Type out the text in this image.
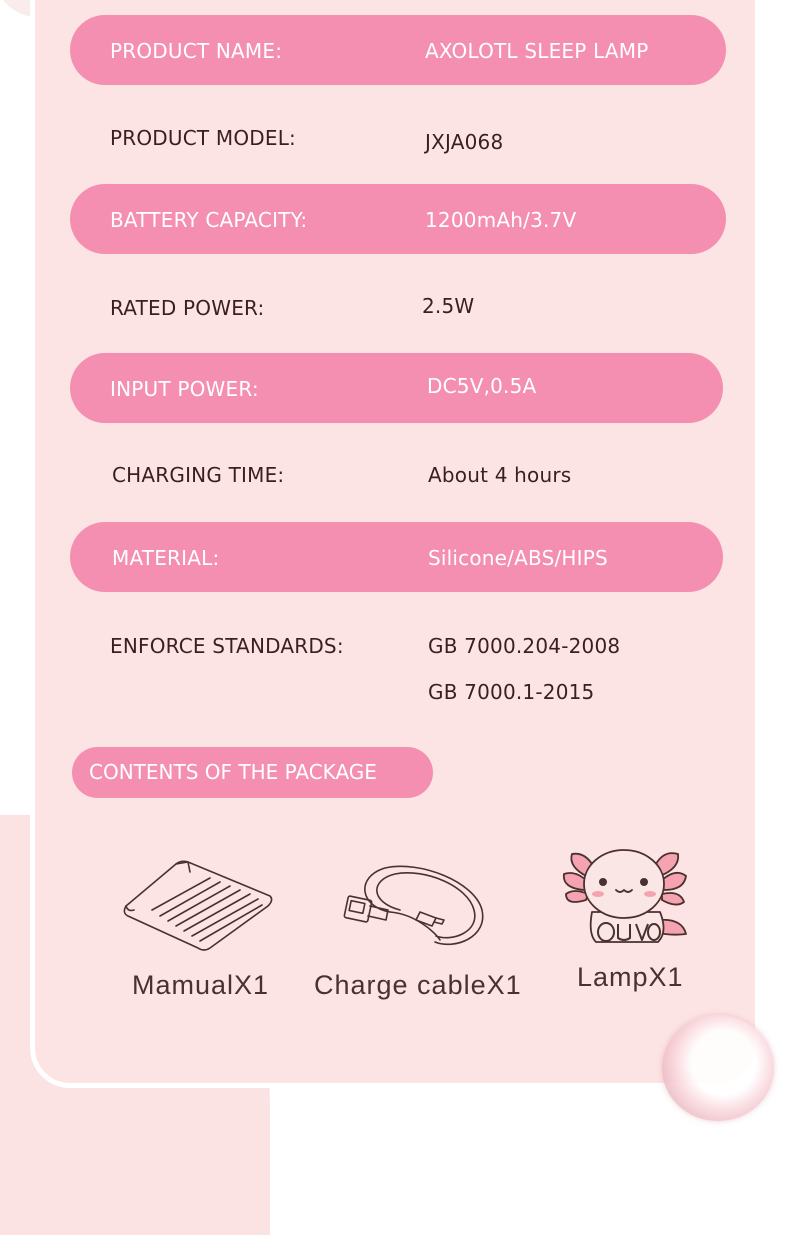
PRODUCT NAME:	AXOLOTL SLEEP LAMP
PRODUCT MODEL:	JXJA068
BATTERY CAPACITY:	1200mAh/3.7V
RATED POWER:	2.5W
INPUT POWER:	DC5V,0.5A
CHARGING TIME:	About 4 hours
MATERIAL:	Silicone/ABS/HIPS
ENFORCE STANDARDS:	GB 7000.204-2008
GB 7000.1-2015
CONTENTS OF THE PACKAGE
MamualX1 Charge cableX1 LampX1
